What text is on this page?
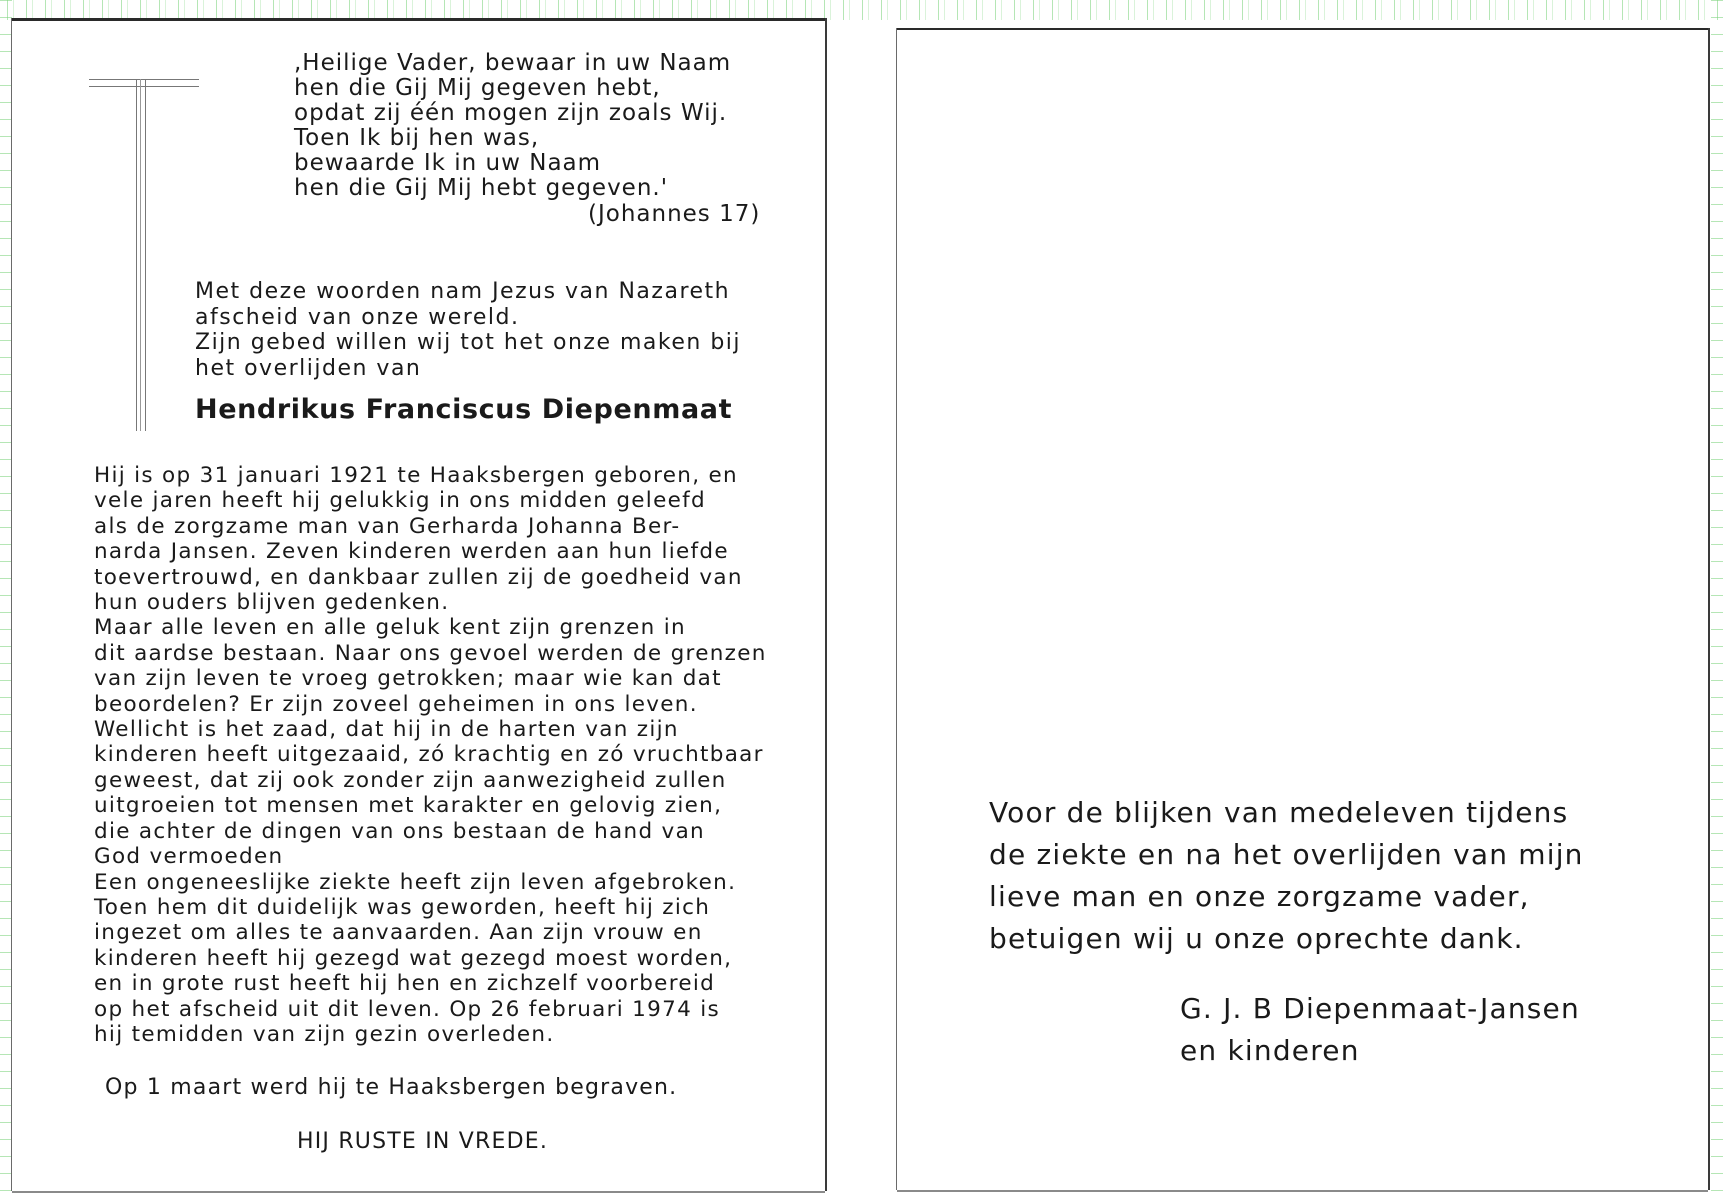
,Heilige Vader, bewaar in uw Naam
hen die Gij Mij gegeven hebt,
opdat zij één mogen zijn zoals Wij.
Toen Ik bij hen was,
bewaarde Ik in uw Naam
hen die Gij Mij hebt gegeven.'
(Johannes 17)
Met deze woorden nam Jezus van Nazareth
afscheid van onze wereld.
Zijn gebed willen wij tot het onze maken bij
het overlijden van
Hendrikus Franciscus Diepenmaat
Hij is op 31 januari 1921 te Haaksbergen geboren, en
vele jaren heeft hij gelukkig in ons midden geleefd
als de zorgzame man van Gerharda Johanna Ber-
narda Jansen. Zeven kinderen werden aan hun liefde
toevertrouwd, en dankbaar zullen zij de goedheid van
hun ouders blijven gedenken.
Maar alle leven en alle geluk kent zijn grenzen in
dit aardse bestaan. Naar ons gevoel werden de grenzen
van zijn leven te vroeg getrokken; maar wie kan dat
beoordelen? Er zijn zoveel geheimen in ons leven.
Wellicht is het zaad, dat hij in de harten van zijn
kinderen heeft uitgezaaid, zó krachtig en zó vruchtbaar
geweest, dat zij ook zonder zijn aanwezigheid zullen
uitgroeien tot mensen met karakter en gelovig zien,
die achter de dingen van ons bestaan de hand van
God vermoeden
Een ongeneeslijke ziekte heeft zijn leven afgebroken.
Toen hem dit duidelijk was geworden, heeft hij zich
ingezet om alles te aanvaarden. Aan zijn vrouw en
kinderen heeft hij gezegd wat gezegd moest worden,
en in grote rust heeft hij hen en zichzelf voorbereid
op het afscheid uit dit leven. Op 26 februari 1974 is
hij temidden van zijn gezin overleden.
Op 1 maart werd hij te Haaksbergen begraven.
HIJ RUSTE IN VREDE.
Voor de blijken van medeleven tijdens
de ziekte en na het overlijden van mijn
lieve man en onze zorgzame vader,
betuigen wij u onze oprechte dank.
G. J. B Diepenmaat-Jansen
en kinderen
